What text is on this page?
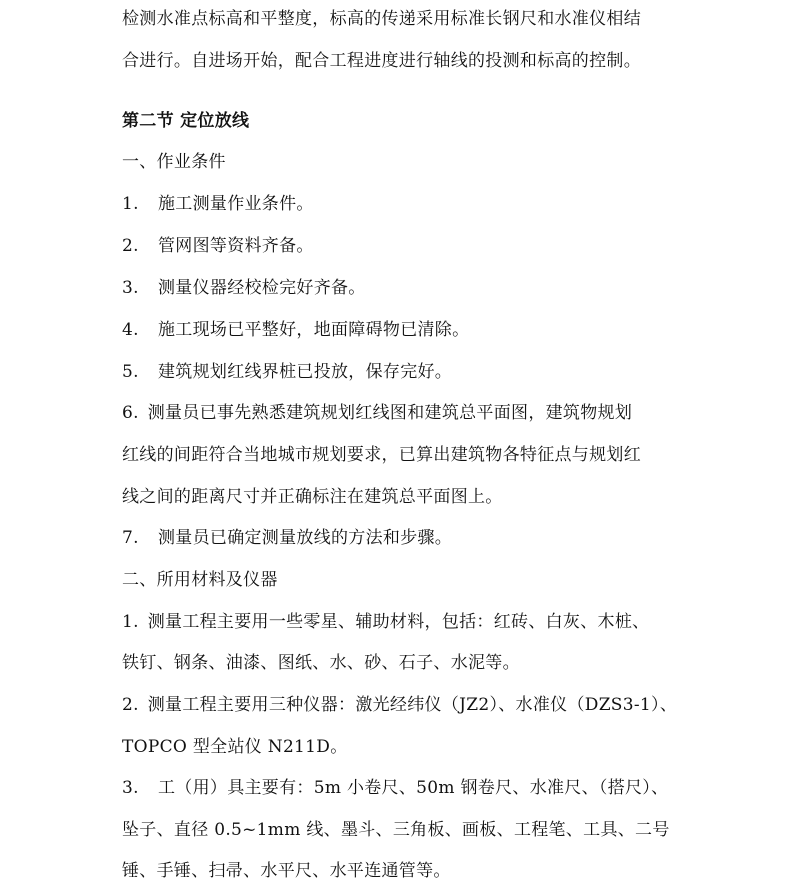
检测水准点标高和平整度，标高的传递采用标准长钢尺和水准仪相结
合进行。自进场开始，配合工程进度进行轴线的投测和标高的控制。
第二节 定位放线
一、作业条件
1. 施工测量作业条件。
2. 管网图等资料齐备。
3. 测量仪器经校检完好齐备。
4. 施工现场已平整好，地面障碍物已清除。
5. 建筑规划红线界桩已投放，保存完好。
6. 测量员已事先熟悉建筑规划红线图和建筑总平面图，建筑物规划
红线的间距符合当地城市规划要求，已算出建筑物各特征点与规划红
线之间的距离尺寸并正确标注在建筑总平面图上。
7. 测量员已确定测量放线的方法和步骤。
二、所用材料及仪器
1. 测量工程主要用一些零星、辅助材料，包括：红砖、白灰、木桩、
铁钉、钢条、油漆、图纸、水、砂、石子、水泥等。
2. 测量工程主要用三种仪器：激光经纬仪（JZ2）、水准仪（DZS3-1）、
TOPCO 型全站仪 N211D。
3. 工（用）具主要有：5m 小卷尺、50m 钢卷尺、水准尺、（搭尺）、
坠子、直径 0.5~1mm 线、墨斗、三角板、画板、工程笔、工具、二号
锤、手锤、扫帚、水平尺、水平连通管等。
